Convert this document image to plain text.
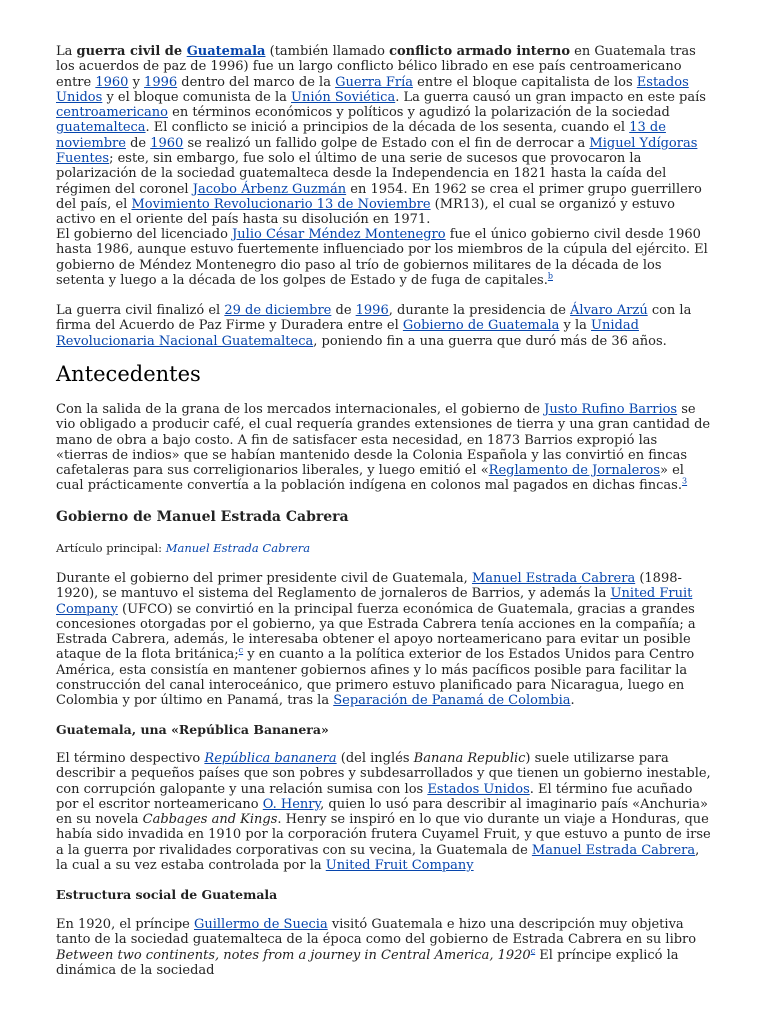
La guerra civil de Guatemala (también llamado conflicto armado interno en Guatemala tras los acuerdos de paz de 1996) fue un largo conflicto bélico librado en ese país centroamericano entre 1960 y 1996 dentro del marco de la Guerra Fría entre el bloque capitalista de los Estados Unidos y el bloque comunista de la Unión Soviética. La guerra causó un gran impacto en este país centroamericano en términos económicos y políticos y agudizó la polarización de la sociedad guatemalteca. El conflicto se inició a principios de la década de los sesenta, cuando el 13 de noviembre de 1960 se realizó un fallido golpe de Estado con el fin de derrocar a Miguel Ydígoras Fuentes; este, sin embargo, fue solo el último de una serie de sucesos que provocaron la polarización de la sociedad guatemalteca desde la Independencia en 1821 hasta la caída del régimen del coronel Jacobo Árbenz Guzmán en 1954. En 1962 se crea el primer grupo guerrillero del país, el Movimiento Revolucionario 13 de Noviembre (MR13), el cual se organizó y estuvo activo en el oriente del país hasta su disolución en 1971.

El gobierno del licenciado Julio César Méndez Montenegro fue el único gobierno civil desde 1960 hasta 1986, aunque estuvo fuertemente influenciado por los miembros de la cúpula del ejército. El gobierno de Méndez Montenegro dio paso al trío de gobiernos militares de la década de los setenta y luego a la década de los golpes de Estado y de fuga de capitales.$^b$

La guerra civil finalizó el 29 de diciembre de 1996, durante la presidencia de Álvaro Arzú con la firma del Acuerdo de Paz Firme y Duradera entre el Gobierno de Guatemala y la Unidad Revolucionaria Nacional Guatemalteca, poniendo fin a una guerra que duró más de 36 años.

Antecedentes

Con la salida de la grana de los mercados internacionales, el gobierno de Justo Rufino Barrios se vio obligado a producir café, el cual requería grandes extensiones de tierra y una gran cantidad de mano de obra a bajo costo. A fin de satisfacer esta necesidad, en 1873 Barrios expropió las «tierras de indios» que se habían mantenido desde la Colonia Española y las convirtió en fincas cafetaleras para sus correligionarios liberales, y luego emitió el «Reglamento de Jornaleros» el cual prácticamente convertía a la población indígena en colonos mal pagados en dichas fincas.$^3$

Gobierno de Manuel Estrada Cabrera
Artículo principal: Manuel Estrada Cabrera

Durante el gobierno del primer presidente civil de Guatemala, Manuel Estrada Cabrera (1898-1920), se mantuvo el sistema del Reglamento de jornaleros de Barrios, y además la United Fruit Company (UFCO) se convirtió en la principal fuerza económica de Guatemala, gracias a grandes concesiones otorgadas por el gobierno, ya que Estrada Cabrera tenía acciones en la compañía; a Estrada Cabrera, además, le interesaba obtener el apoyo norteamericano para evitar un posible ataque de la flota británica;$^c$ y en cuanto a la política exterior de los Estados Unidos para Centro América, esta consistía en mantener gobiernos afines y lo más pacíficos posible para facilitar la construcción del canal interoceánico, que primero estuvo planificado para Nicaragua, luego en Colombia y por último en Panamá, tras la Separación de Panamá de Colombia.

Guatemala, una «República Bananera»

El término despectivo República bananera (del inglés Banana Republic) suele utilizarse para describir a pequeños países que son pobres y subdesarrollados y que tienen un gobierno inestable, con corrupción galopante y una relación sumisa con los Estados Unidos. El término fue acuñado por el escritor norteamericano O. Henry, quien lo usó para describir al imaginario país «Anchuria» en su novela Cabbages and Kings. Henry se inspiró en lo que vio durante un viaje a Honduras, que había sido invadida en 1910 por la corporación frutera Cuyamel Fruit, y que estuvo a punto de irse a la guerra por rivalidades corporativas con su vecina, la Guatemala de Manuel Estrada Cabrera, la cual a su vez estaba controlada por la United Fruit Company

Estructura social de Guatemala

En 1920, el príncipe Guillermo de Suecia visitó Guatemala e hizo una descripción muy objetiva tanto de la sociedad guatemalteca de la época como del gobierno de Estrada Cabrera en su libro Between two continents, notes from a journey in Central America, 1920$^c$ El príncipe explicó la dinámica de la sociedad
